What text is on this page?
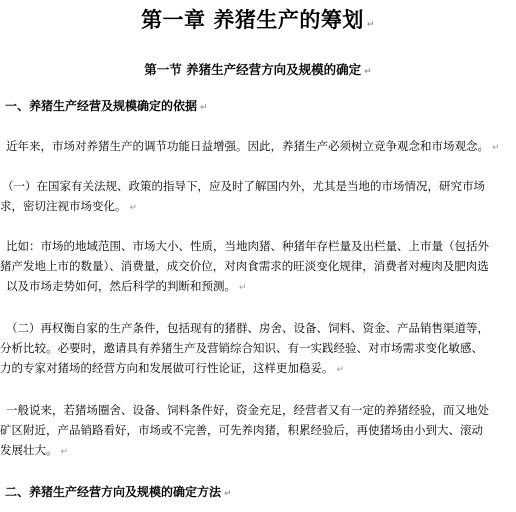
第一章 养猪生产的筹划 ↵
第一节 养猪生产经营方向及规模的确定 ↵
一、养猪生产经营及规模确定的依据 ↵
近年来，市场对养猪生产的调节功能日益增强。因此，养猪生产必须树立竞争观念和市场观念。 ↵
（一）在国家有关法规、政策的指导下，应及时了解国内外，尤其是当地的市场情况，研究市场
求，密切注视市场变化。 ↵
比如：市场的地域范围、市场大小、性质，当地肉猪、种猪年存栏量及出栏量、上市量（包括外
猪产发地上市的数量）、消费量，成交价位，对肉食需求的旺淡变化规律，消费者对瘦肉及肥肉选
以及市场走势如何，然后科学的判断和预测。 ↵
（二）再权衡自家的生产条件，包括现有的猪群、房舍、设备、饲料、资金、产品销售渠道等，
分析比较。必要时，邀请具有养猪生产及营销综合知识、有一实践经验、对市场需求变化敏感、
力的专家对猪场的经营方向和发展做可行性论证，这样更加稳妥。 ↵
一般说来，若猪场圈舍、设备、饲料条件好，资金充足，经营者又有一定的养猪经验，而又地处
矿区附近，产品销路看好，市场或不完善，可先养肉猪，积累经验后，再使猪场由小到大、滚动
发展壮大。 ↵
二、养猪生产经营方向及规模的确定方法 ↵
